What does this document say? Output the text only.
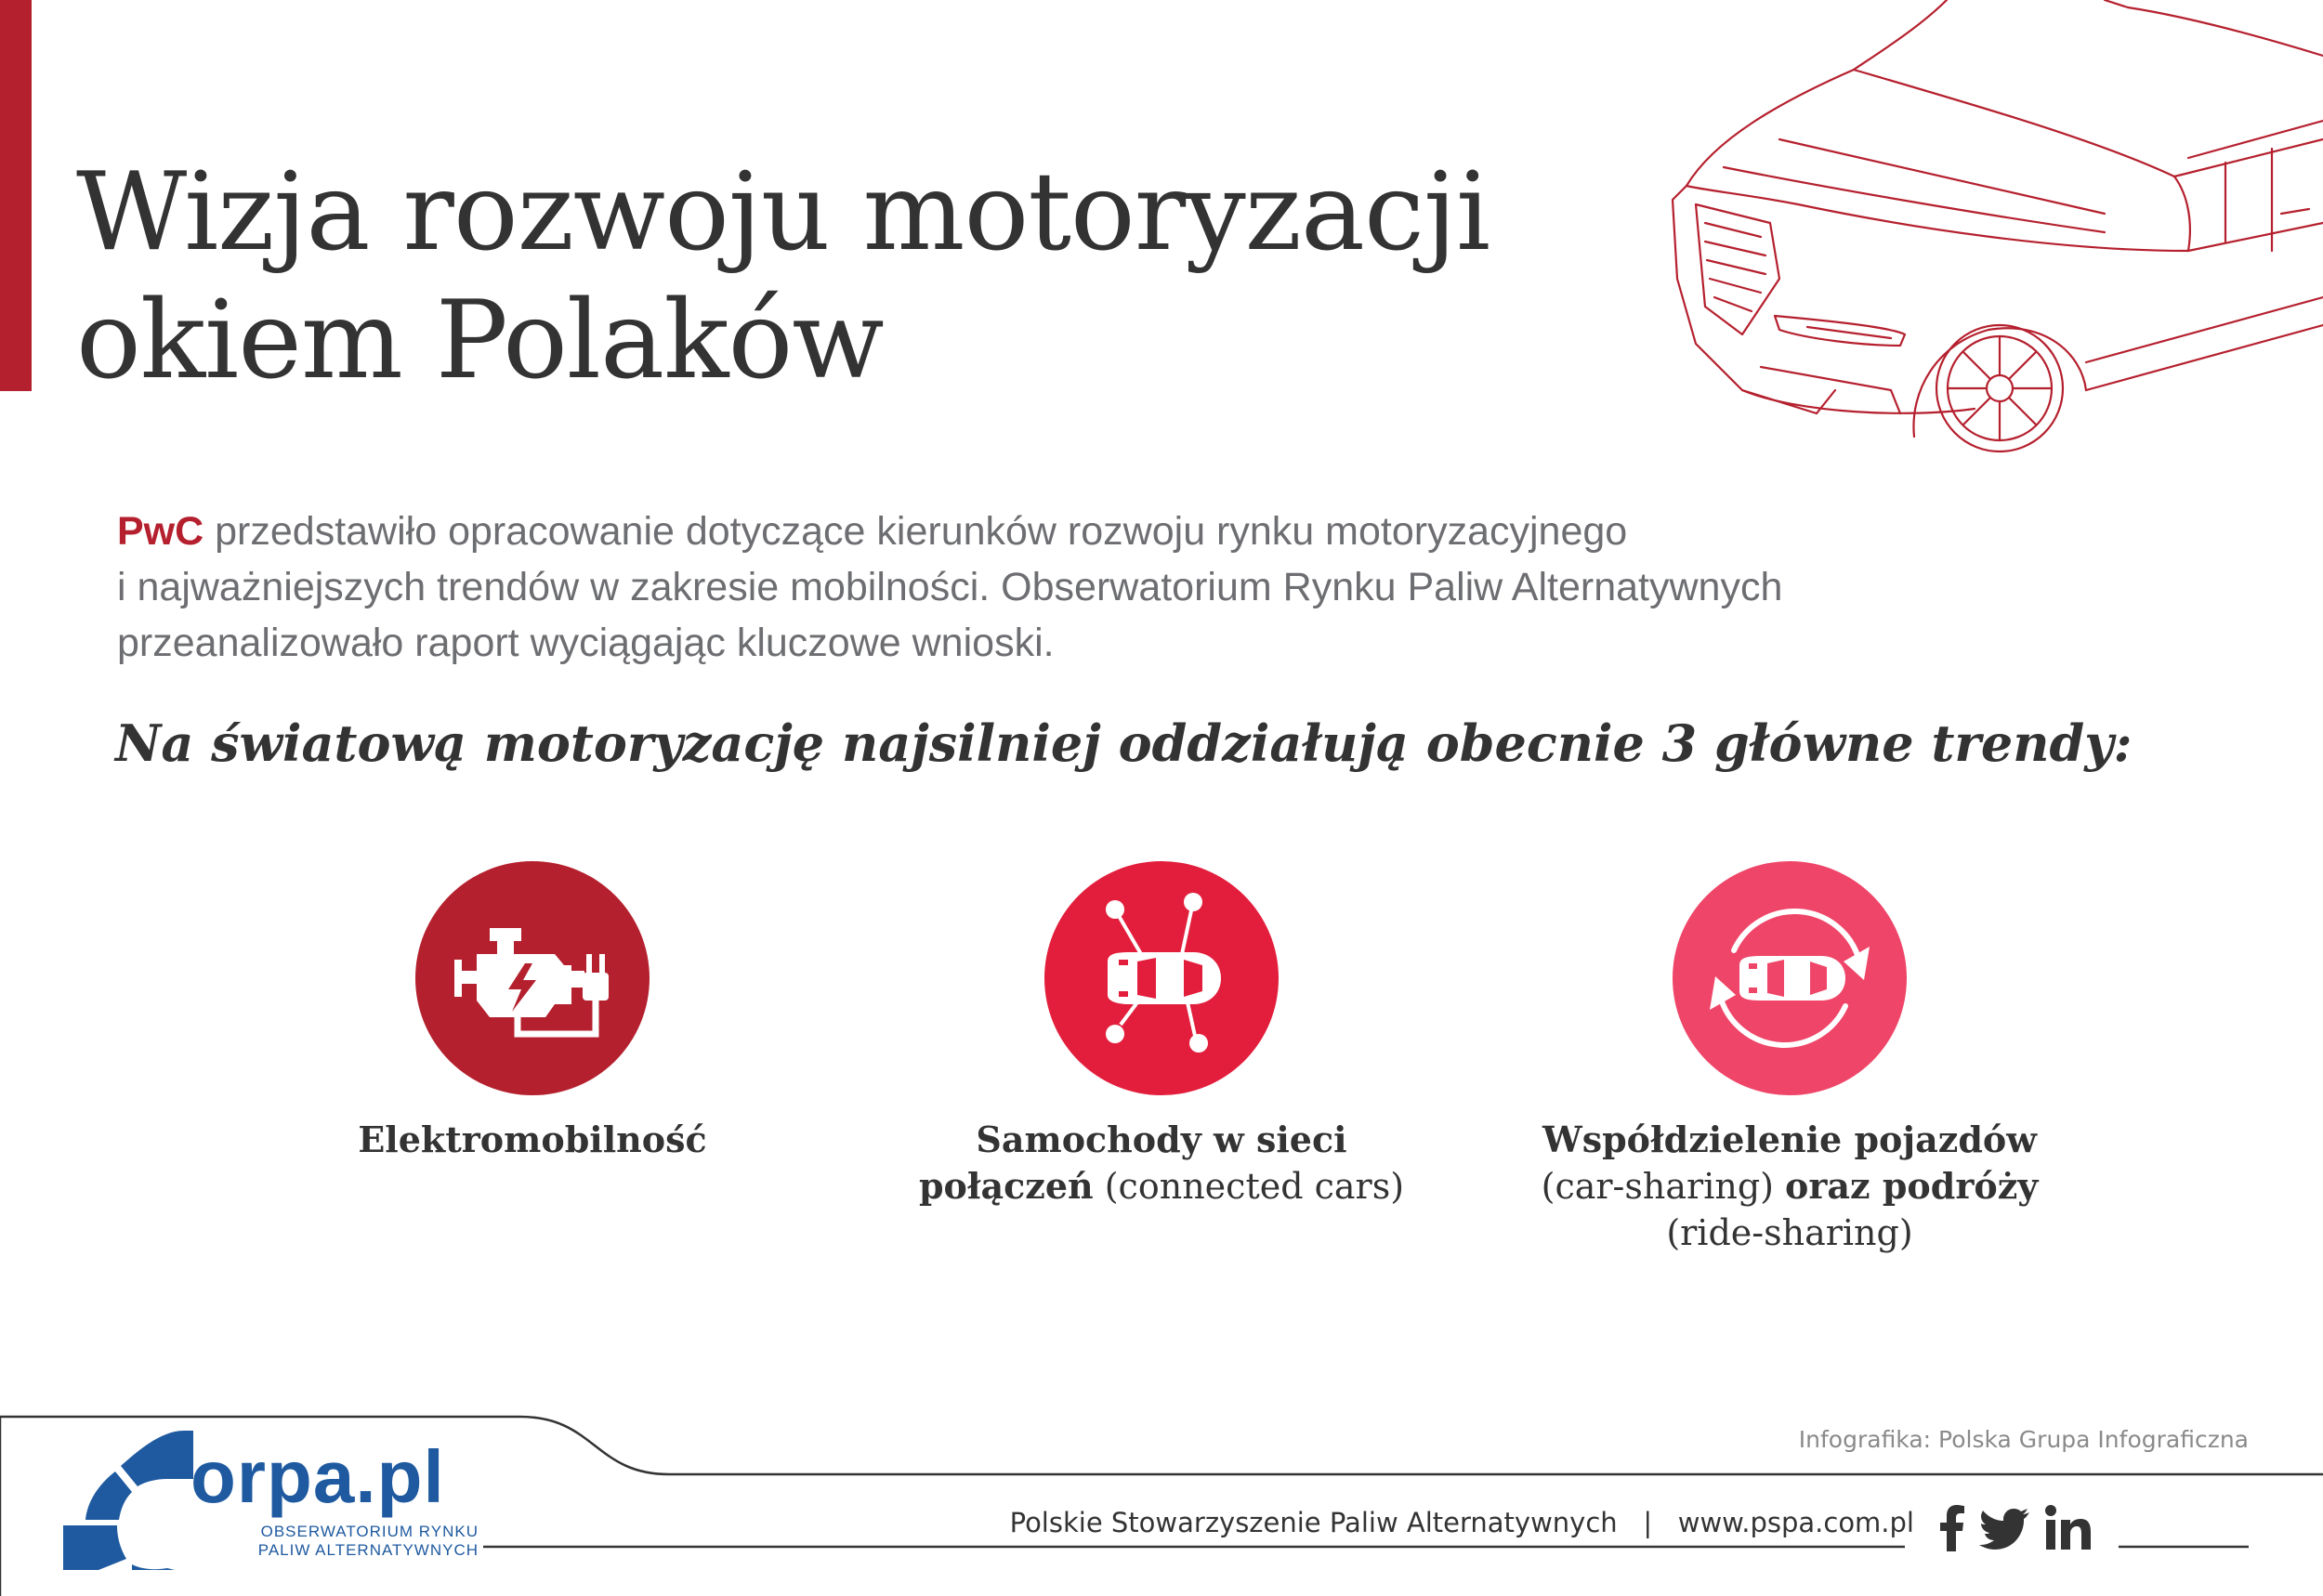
Wizja rozwoju motoryzacji
okiem Polaków

PwC przedstawiło opracowanie dotyczące kierunków rozwoju rynku motoryzacyjnego
i najważniejszych trendów w zakresie mobilności. Obserwatorium Rynku Paliw Alternatywnych
przeanalizowało raport wyciągając kluczowe wnioski.

Na światową motoryzację najsilniej oddziałują obecnie 3 główne trendy:
Elektromobilność	Samochody w sieci
połączeń (connected cars)
Współdzielenie pojazdów
(car-sharing) oraz podróży
(ride-sharing)
Infografika: Polska Grupa Infograficzna
Polskie Stowarzyszenie Paliw Alternatywnych   |   www.pspa.com.pl
orpa.pl
OBSERWATORIUM RYNKU
PALIW ALTERNATYWNYCH
